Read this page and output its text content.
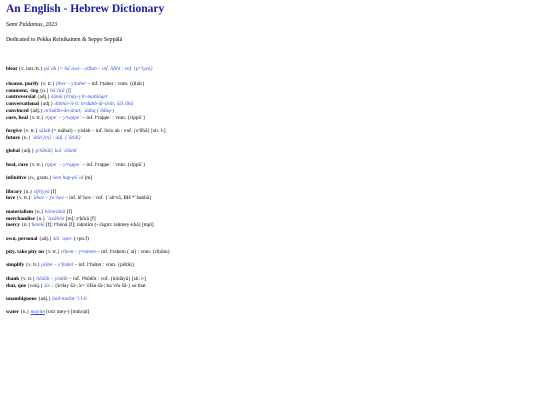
An English - Hebrew Dictionary
Sami Paldanius, 2023
Dedicated to Pekka Reinikainen & Seppo Seppälä
bleat {v. intr./tr.} pāʿāh (= hāʿaw) – yiftah – inf. liftôt : vnf. {pᵉʿîyyā}
cleanse, purify {v. tr.} ṭiher – yᵉṭaher – inf. lᵉṭaher : vnm. {ṭihûr}
comment, -ing {n.} hāʿārā [f]
controversial {adj.} šānûi (šᵉnûy-) bᵉ-mahlôqet
conversational {adj.} dibbûr-îi-ît; mᵉdubb-ār-ārāt; šāl šîhā
convinced {adj.} mᵉšukhn-ān-ānat; ʾādûq (ʾĕdûq-)
cure, heal {v. tr.} rippeʾ – yᵉrappeʾ – inf. lᵉrappeʾ : vnm. {rippûʾ}
forgive {v. tr.} sālaḥ (= māhal) – yislah – inf. lislo aḥ : vnf. {sᵉlîhā} [sb: l-]
future {n.} ʿātîd [m] : adj. {ʿātîdî}
global {adj.} gᵉlôbālî; kol ʿôlāmî
heal, cure {v. tr.} rippeʾ – yᵉrappeʾ – inf. lᵉrappeʾ : vnm. {rippûʾ}
infinitive {n., gram.} šem hap-pôʿal [m]
library {n.} sifriyyā [f]
love {v. tr.} ʾāhav – yoʾhav – inf. lĕʾhov : vnf. {ʾahᵉvā, BH *ʾhabbā}
materialism {n.} hōmrānût [f]
merchandise {n.} ʿizzābôn [m]; sᵉḥôrā [f]
mercy {n.} hemlā [f]; tᵉhōnā [f]; raḥmîm (+2sgm: raḥmey-khā) [mpl]
own, personal {adj.} šāl ʿaṣm- (+pn.f)
pity, take pity on {v. tr.} riḥem – yᵉraḥem – inf. lᵉraḥem (ʿal) : vnm. {riḥûm}
simplify {v. tr.} pišṭet – yᵉfašṭet – inf. lᵉfašṭet : vnm. {pišṭûṭ}
thank {v. tr.} hôdāh – yôdāh – inf. lᵉhôdôt : vnf. {hôdāyā} [sb: l-]
that, que {conj.} šā- : {kᵉday šā-; kᵉ-ʾōfān šā-; baʿvûr šā-} so that
unambiguous {adj.} ḥad-mašmᵉʿî-î-ît
water {n.} mayim (cstr mey-) [mdu/pl]
